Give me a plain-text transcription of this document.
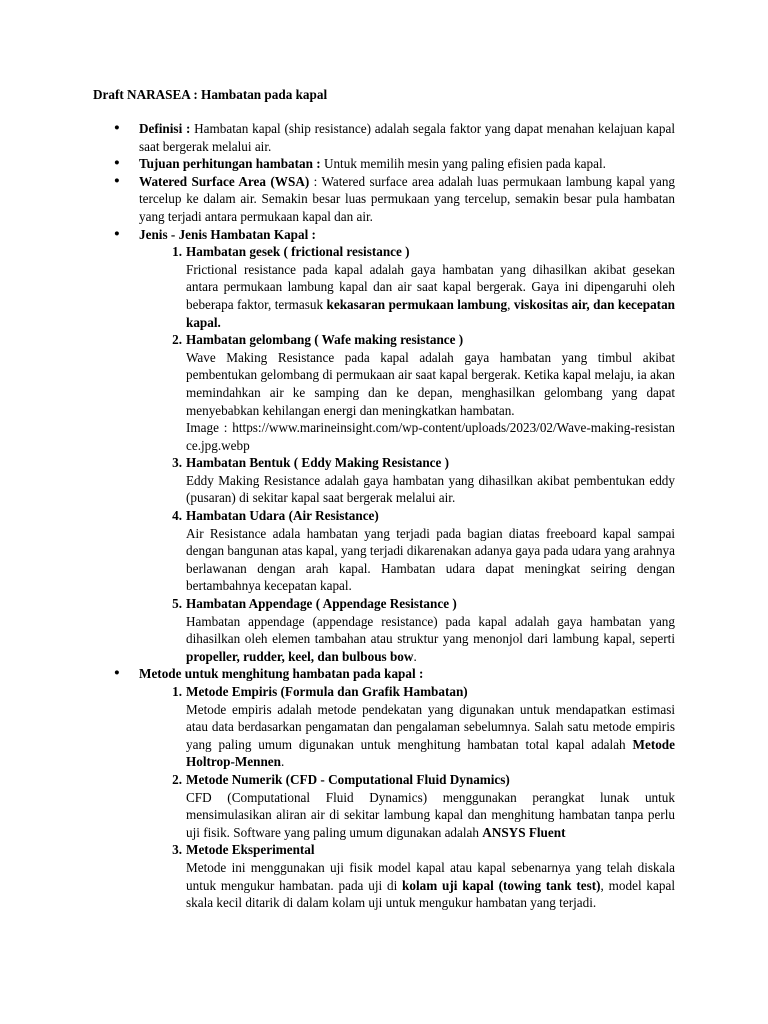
Draft NARASEA : Hambatan pada kapal
● Definisi : Hambatan kapal (ship resistance) adalah segala faktor yang dapat menahan kelajuan kapal saat bergerak melalui air.
● Tujuan perhitungan hambatan : Untuk memilih mesin yang paling efisien pada kapal.
● Watered Surface Area (WSA) : Watered surface area adalah luas permukaan lambung kapal yang tercelup ke dalam air. Semakin besar luas permukaan yang tercelup, semakin besar pula hambatan yang terjadi antara permukaan kapal dan air.
● Jenis - Jenis Hambatan Kapal :
1. Hambatan gesek ( frictional resistance )
Frictional resistance pada kapal adalah gaya hambatan yang dihasilkan akibat gesekan antara permukaan lambung kapal dan air saat kapal bergerak. Gaya ini dipengaruhi oleh beberapa faktor, termasuk kekasaran permukaan lambung, viskositas air, dan kecepatan kapal.
2. Hambatan gelombang ( Wafe making resistance )
Wave Making Resistance pada kapal adalah gaya hambatan yang timbul akibat pembentukan gelombang di permukaan air saat kapal bergerak. Ketika kapal melaju, ia akan memindahkan air ke samping dan ke depan, menghasilkan gelombang yang dapat menyebabkan kehilangan energi dan meningkatkan hambatan.
Image : https://www.marineinsight.com/wp-content/uploads/2023/02/Wave-making-resistance.jpg.webp
3. Hambatan Bentuk ( Eddy Making Resistance )
Eddy Making Resistance adalah gaya hambatan yang dihasilkan akibat pembentukan eddy (pusaran) di sekitar kapal saat bergerak melalui air.
4. Hambatan Udara (Air Resistance)
Air Resistance adala hambatan yang terjadi pada bagian diatas freeboard kapal sampai dengan bangunan atas kapal, yang terjadi dikarenakan adanya gaya pada udara yang arahnya berlawanan dengan arah kapal. Hambatan udara dapat meningkat seiring dengan bertambahnya kecepatan kapal.
5. Hambatan Appendage ( Appendage Resistance )
Hambatan appendage (appendage resistance) pada kapal adalah gaya hambatan yang dihasilkan oleh elemen tambahan atau struktur yang menonjol dari lambung kapal, seperti propeller, rudder, keel, dan bulbous bow.
● Metode untuk menghitung hambatan pada kapal :
1. Metode Empiris (Formula dan Grafik Hambatan)
Metode empiris adalah metode pendekatan yang digunakan untuk mendapatkan estimasi atau data berdasarkan pengamatan dan pengalaman sebelumnya. Salah satu metode empiris yang paling umum digunakan untuk menghitung hambatan total kapal adalah Metode Holtrop-Mennen.
2. Metode Numerik (CFD - Computational Fluid Dynamics)
CFD (Computational Fluid Dynamics) menggunakan perangkat lunak untuk mensimulasikan aliran air di sekitar lambung kapal dan menghitung hambatan tanpa perlu uji fisik. Software yang paling umum digunakan adalah ANSYS Fluent
3. Metode Eksperimental
Metode ini menggunakan uji fisik model kapal atau kapal sebenarnya yang telah diskala untuk mengukur hambatan. pada uji di kolam uji kapal (towing tank test), model kapal skala kecil ditarik di dalam kolam uji untuk mengukur hambatan yang terjadi.
